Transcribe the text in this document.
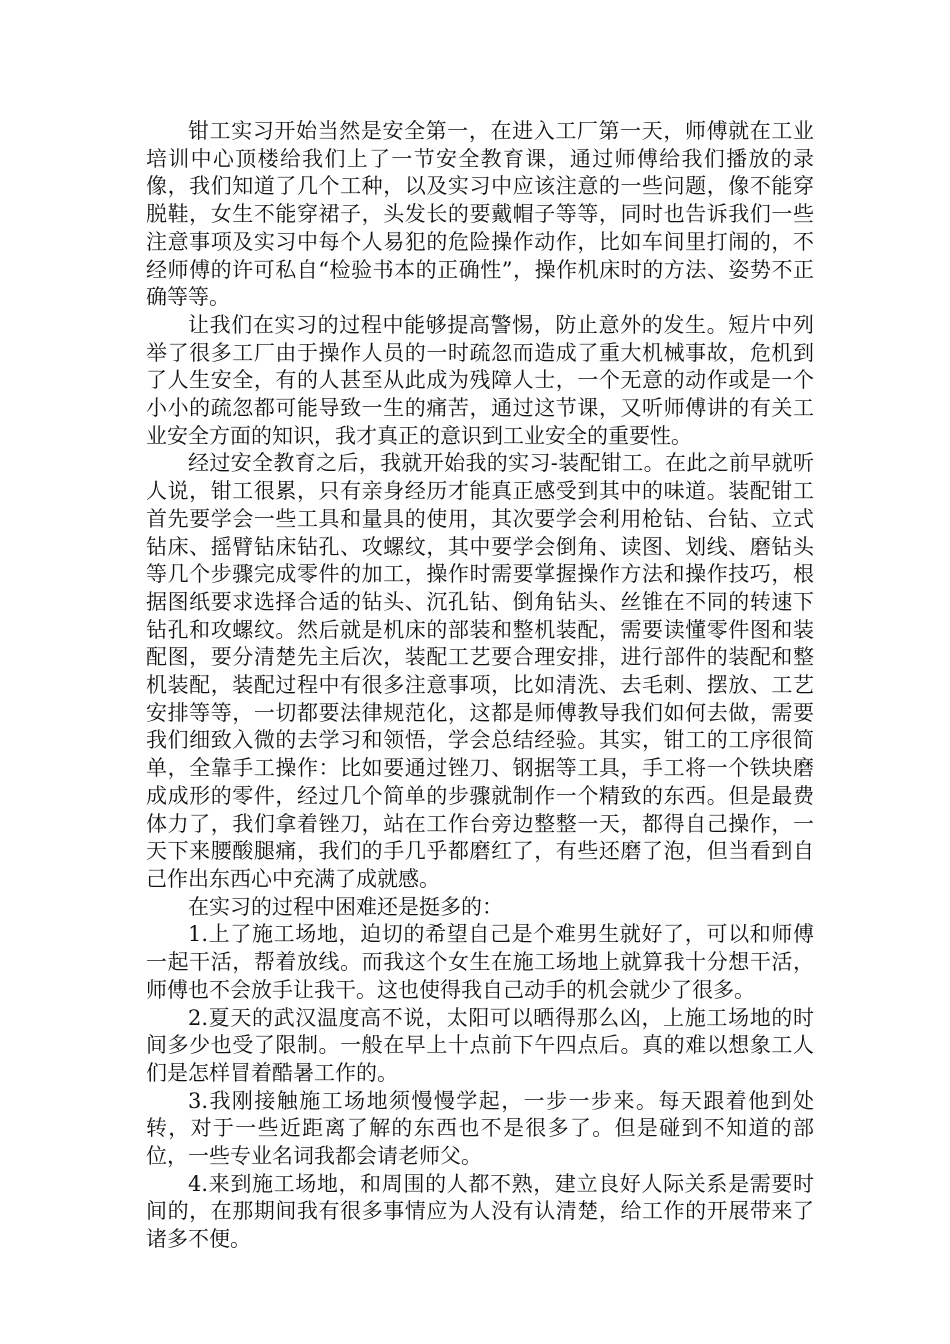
钳工实习开始当然是安全第一，在进入工厂第一天，师傅就在工业培训中心顶楼给我们上了一节安全教育课，通过师傅给我们播放的录像，我们知道了几个工种，以及实习中应该注意的一些问题，像不能穿脱鞋，女生不能穿裙子，头发长的要戴帽子等等，同时也告诉我们一些注意事项及实习中每个人易犯的危险操作动作，比如车间里打闹的，不经师傅的许可私自“检验书本的正确性”，操作机床时的方法、姿势不正确等等。

让我们在实习的过程中能够提高警惕，防止意外的发生。短片中列举了很多工厂由于操作人员的一时疏忽而造成了重大机械事故，危机到了人生安全，有的人甚至从此成为残障人士，一个无意的动作或是一个小小的疏忽都可能导致一生的痛苦，通过这节课，又听师傅讲的有关工业安全方面的知识，我才真正的意识到工业安全的重要性。

经过安全教育之后，我就开始我的实习-装配钳工。在此之前早就听人说，钳工很累，只有亲身经历才能真正感受到其中的味道。装配钳工首先要学会一些工具和量具的使用，其次要学会利用枪钻、台钻、立式钻床、摇臂钻床钻孔、攻螺纹，其中要学会倒角、读图、划线、磨钻头等几个步骤完成零件的加工，操作时需要掌握操作方法和操作技巧，根据图纸要求选择合适的钻头、沉孔钻、倒角钻头、丝锥在不同的转速下钻孔和攻螺纹。然后就是机床的部装和整机装配，需要读懂零件图和装配图，要分清楚先主后次，装配工艺要合理安排，进行部件的装配和整机装配，装配过程中有很多注意事项，比如清洗、去毛刺、摆放、工艺安排等等，一切都要法律规范化，这都是师傅教导我们如何去做，需要我们细致入微的去学习和领悟，学会总结经验。其实，钳工的工序很简单，全靠手工操作：比如要通过锉刀、钢据等工具，手工将一个铁块磨成成形的零件，经过几个简单的步骤就制作一个精致的东西。但是最费体力了，我们拿着锉刀，站在工作台旁边整整一天，都得自己操作，一天下来腰酸腿痛，我们的手几乎都磨红了，有些还磨了泡，但当看到自己作出东西心中充满了成就感。

在实习的过程中困难还是挺多的：

1.上了施工场地，迫切的希望自己是个难男生就好了，可以和师傅一起干活，帮着放线。而我这个女生在施工场地上就算我十分想干活，师傅也不会放手让我干。这也使得我自己动手的机会就少了很多。

2.夏天的武汉温度高不说，太阳可以晒得那么凶，上施工场地的时间多少也受了限制。一般在早上十点前下午四点后。真的难以想象工人们是怎样冒着酷暑工作的。

3.我刚接触施工场地须慢慢学起，一步一步来。每天跟着他到处转，对于一些近距离了解的东西也不是很多了。但是碰到不知道的部位，一些专业名词我都会请老师父。

4.来到施工场地，和周围的人都不熟，建立良好人际关系是需要时间的，在那期间我有很多事情应为人没有认清楚，给工作的开展带来了诸多不便。
